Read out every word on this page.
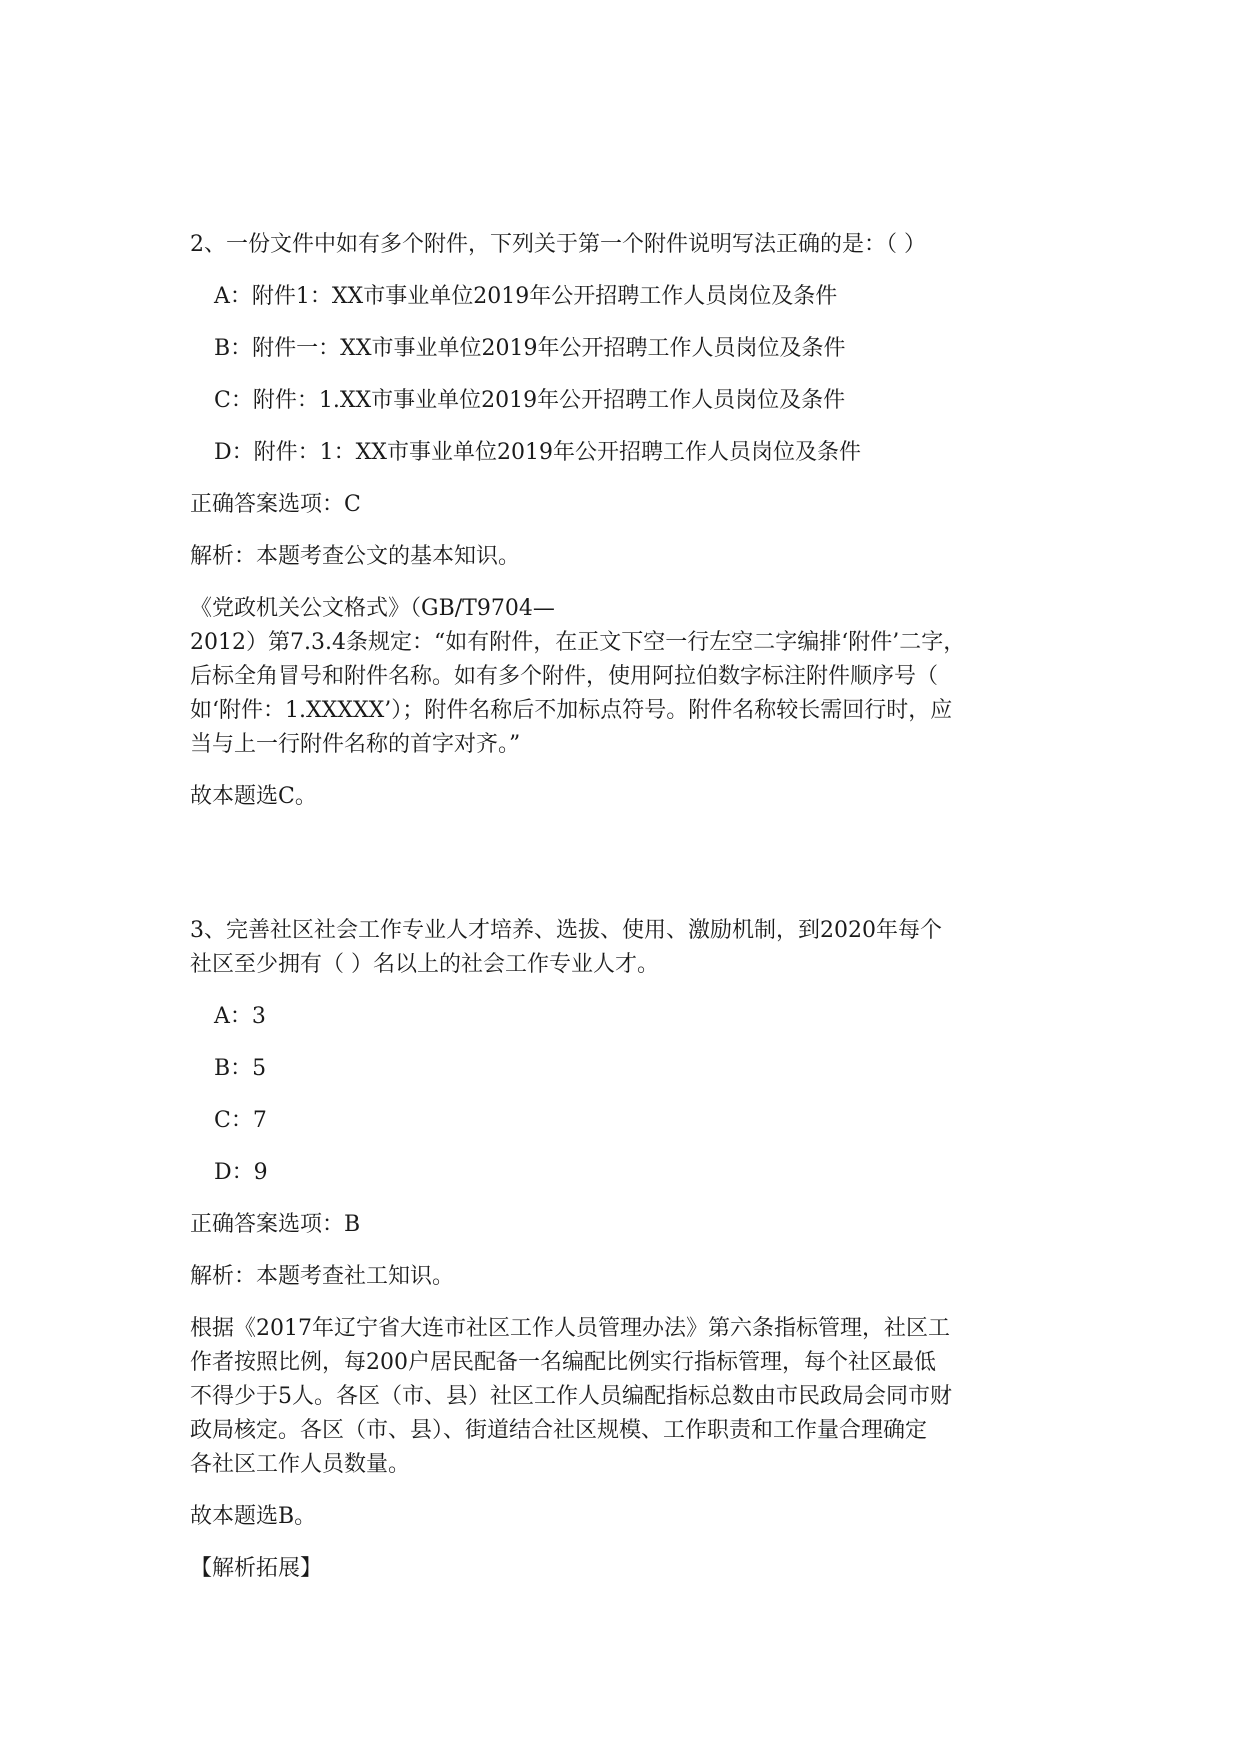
2、一份文件中如有多个附件，下列关于第一个附件说明写法正确的是：（ ）
A：附件1：XX市事业单位2019年公开招聘工作人员岗位及条件
B：附件一：XX市事业单位2019年公开招聘工作人员岗位及条件
C：附件：1.XX市事业单位2019年公开招聘工作人员岗位及条件
D：附件：1：XX市事业单位2019年公开招聘工作人员岗位及条件
正确答案选项：C
解析：本题考查公文的基本知识。
《党政机关公文格式》（GB/T9704—
2012）第7.3.4条规定：“如有附件，在正文下空一行左空二字编排‘附件’二字，
后标全角冒号和附件名称。如有多个附件，使用阿拉伯数字标注附件顺序号（
如‘附件：1.XXXXX’）；附件名称后不加标点符号。附件名称较长需回行时，应
当与上一行附件名称的首字对齐。”
故本题选C。
3、完善社区社会工作专业人才培养、选拔、使用、激励机制，到2020年每个
社区至少拥有（ ）名以上的社会工作专业人才。
A：3
B：5
C：7
D：9
正确答案选项：B
解析：本题考查社工知识。
根据《2017年辽宁省大连市社区工作人员管理办法》第六条指标管理，社区工
作者按照比例，每200户居民配备一名编配比例实行指标管理，每个社区最低
不得少于5人。各区（市、县）社区工作人员编配指标总数由市民政局会同市财
政局核定。各区（市、县）、街道结合社区规模、工作职责和工作量合理确定
各社区工作人员数量。
故本题选B。
【解析拓展】
